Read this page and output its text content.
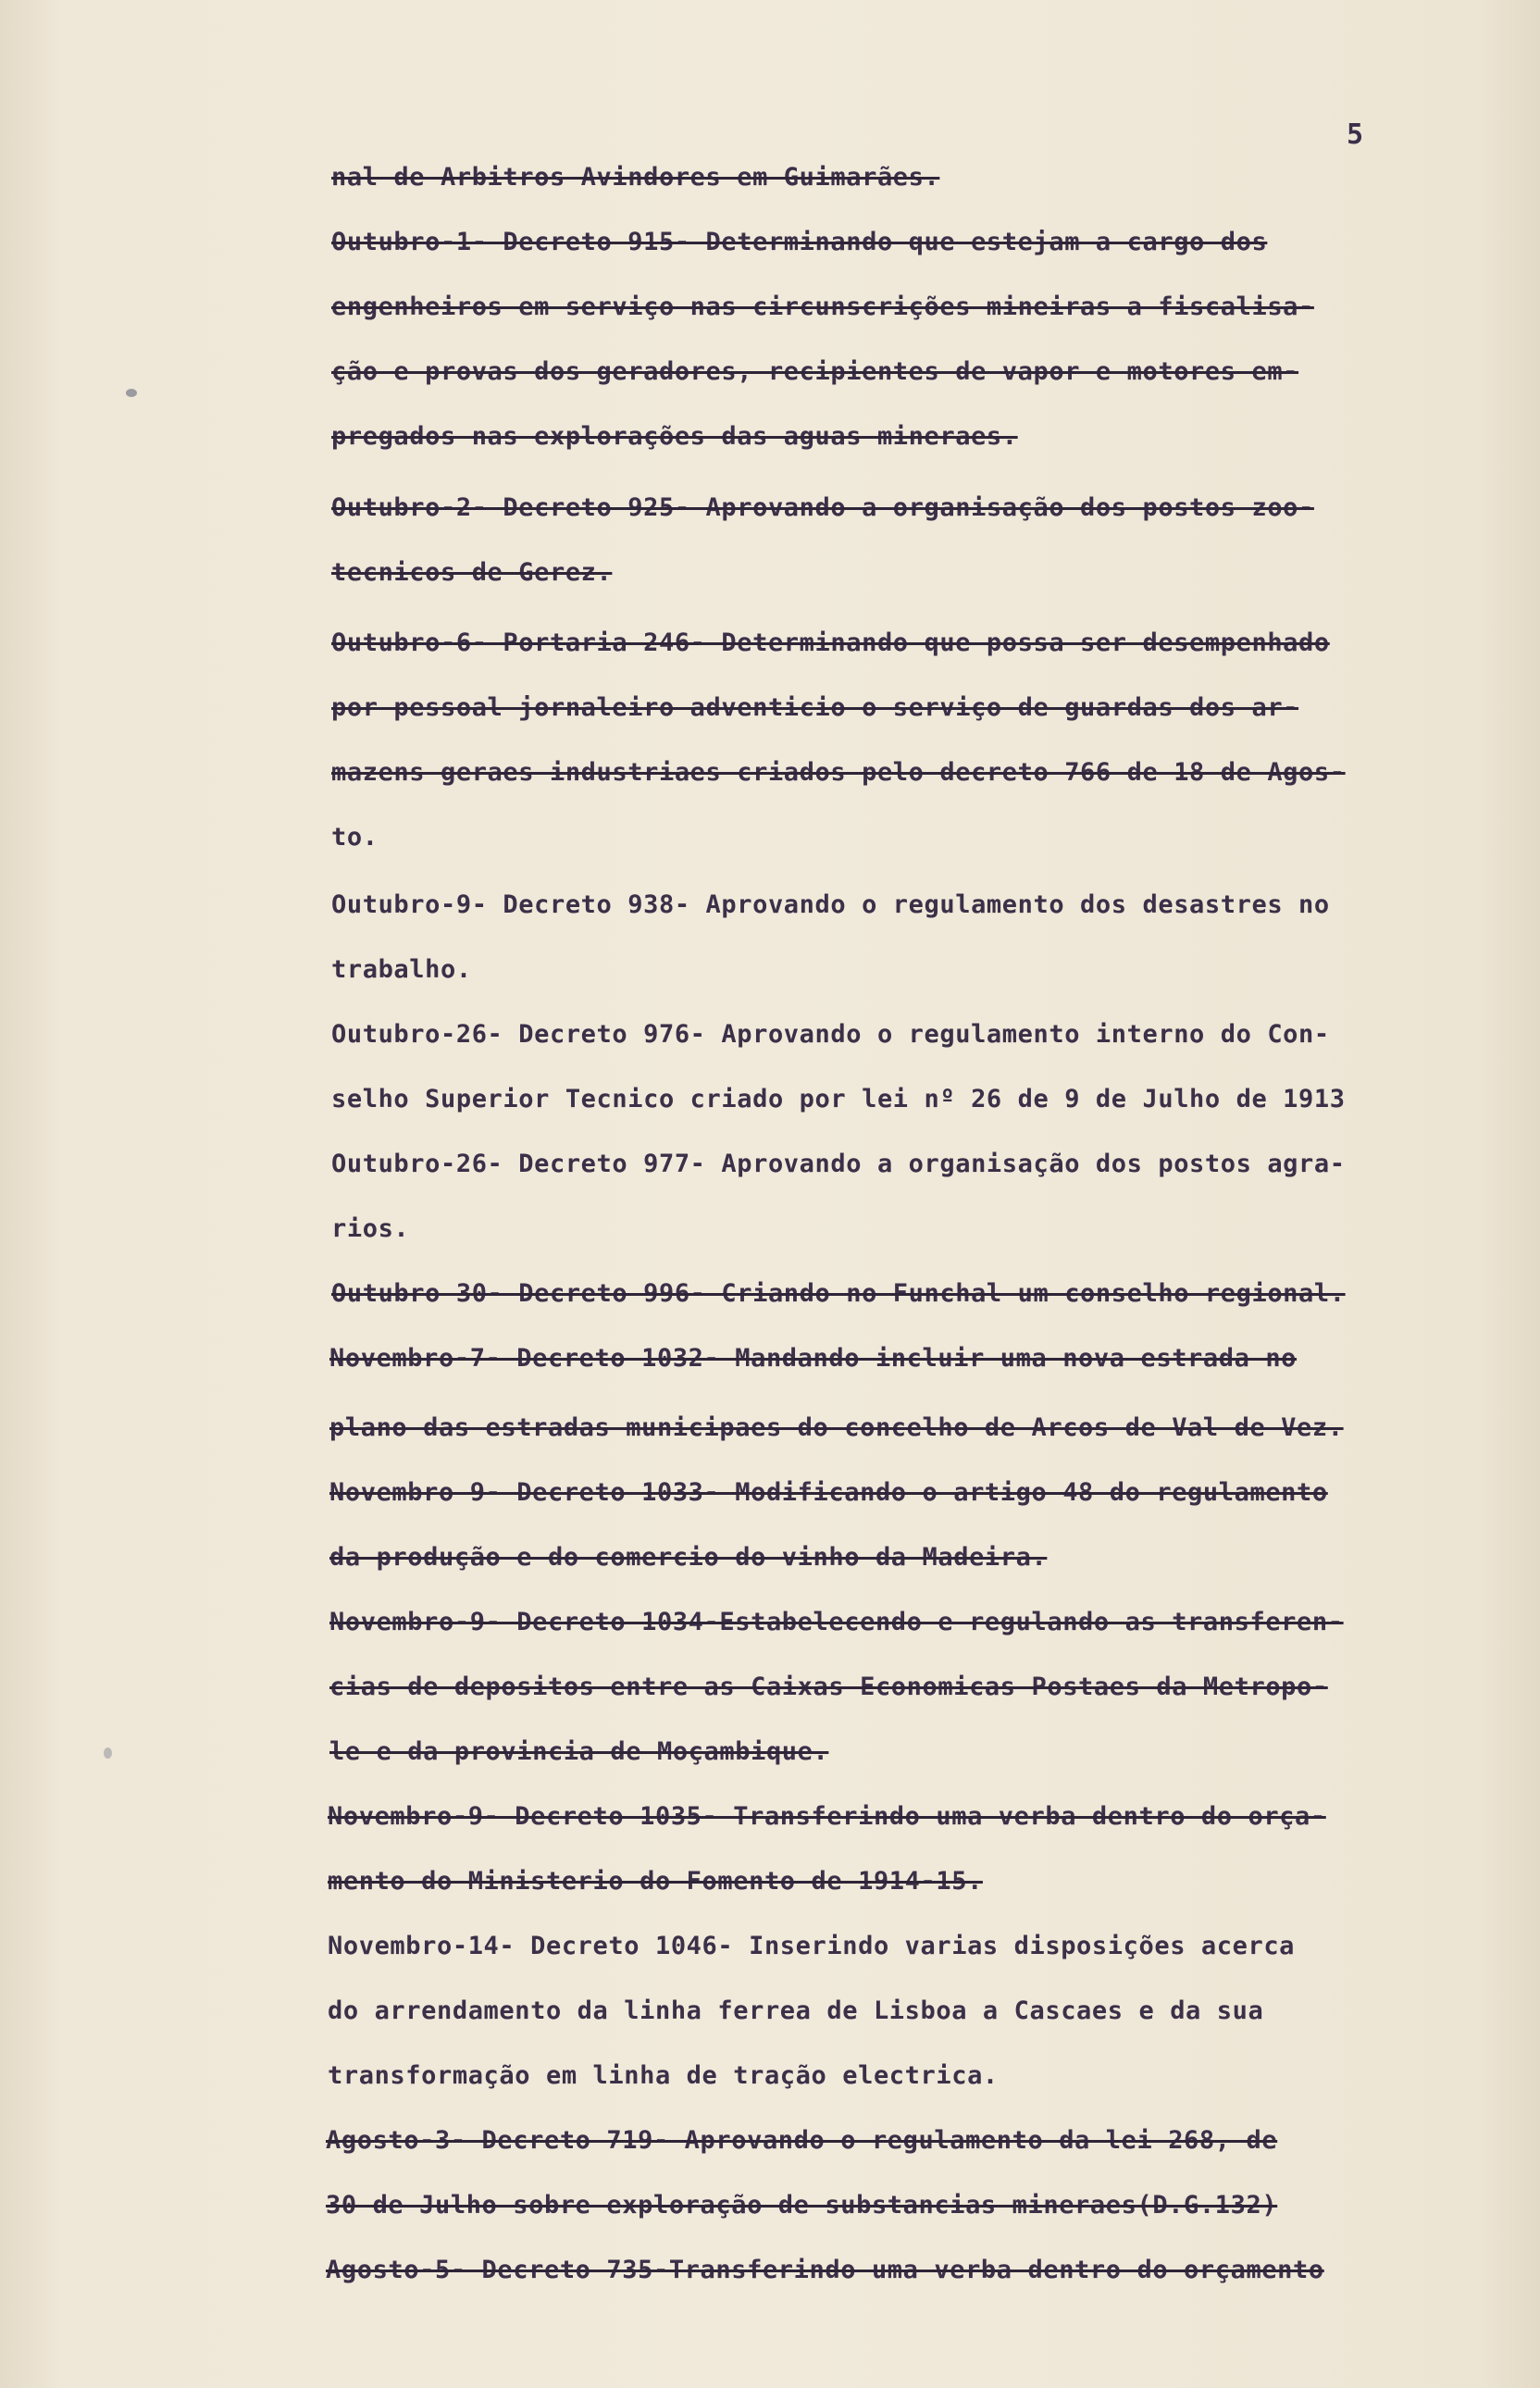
5
nal de Arbitros Avindores em Guimarães.
Outubro-1- Decreto 915- Determinando que estejam a cargo dos
engenheiros em serviço nas circunscrições mineiras a fiscalisa-
ção e provas dos geradores, recipientes de vapor e motores em-
pregados nas explorações das aguas mineraes.
Outubro-2- Decreto 925- Aprovando a organisação dos postos zoo-
tecnicos de Gerez.
Outubro-6- Portaria 246- Determinando que possa ser desempenhado
por pessoal jornaleiro adventicio o serviço de guardas dos ar-
mazens geraes industriaes criados pelo decreto 766 de 18 de Agos-
to.
Outubro-9- Decreto 938- Aprovando o regulamento dos desastres no
trabalho.
Outubro-26- Decreto 976- Aprovando o regulamento interno do Con-
selho Superior Tecnico criado por lei nº 26 de 9 de Julho de 1913
Outubro-26- Decreto 977- Aprovando a organisação dos postos agra-
rios.
Outubro 30- Decreto 996- Criando no Funchal um conselho regional.
Novembro-7- Decreto 1032- Mandando incluir uma nova estrada no
plano das estradas municipaes do concelho de Arcos de Val de Vez.
Novembro 9- Decreto 1033- Modificando o artigo 48 do regulamento
da produção e do comercio do vinho da Madeira.
Novembro-9- Decreto 1034-Estabelecendo e regulando as transferen-
cias de depositos entre as Caixas Economicas Postaes da Metropo-
le e da provincia de Moçambique.
Novembro-9- Decreto 1035- Transferindo uma verba dentro do orça-
mento do Ministerio do Fomento de 1914-15.
Novembro-14- Decreto 1046- Inserindo varias disposições acerca
do arrendamento da linha ferrea de Lisboa a Cascaes e da sua
transformação em linha de tração electrica.
Agosto-3- Decreto 719- Aprovando o regulamento da lei 268, de
30 de Julho sobre exploração de substancias mineraes(D.G.132)
Agosto-5- Decreto 735-Transferindo uma verba dentro do orçamento
